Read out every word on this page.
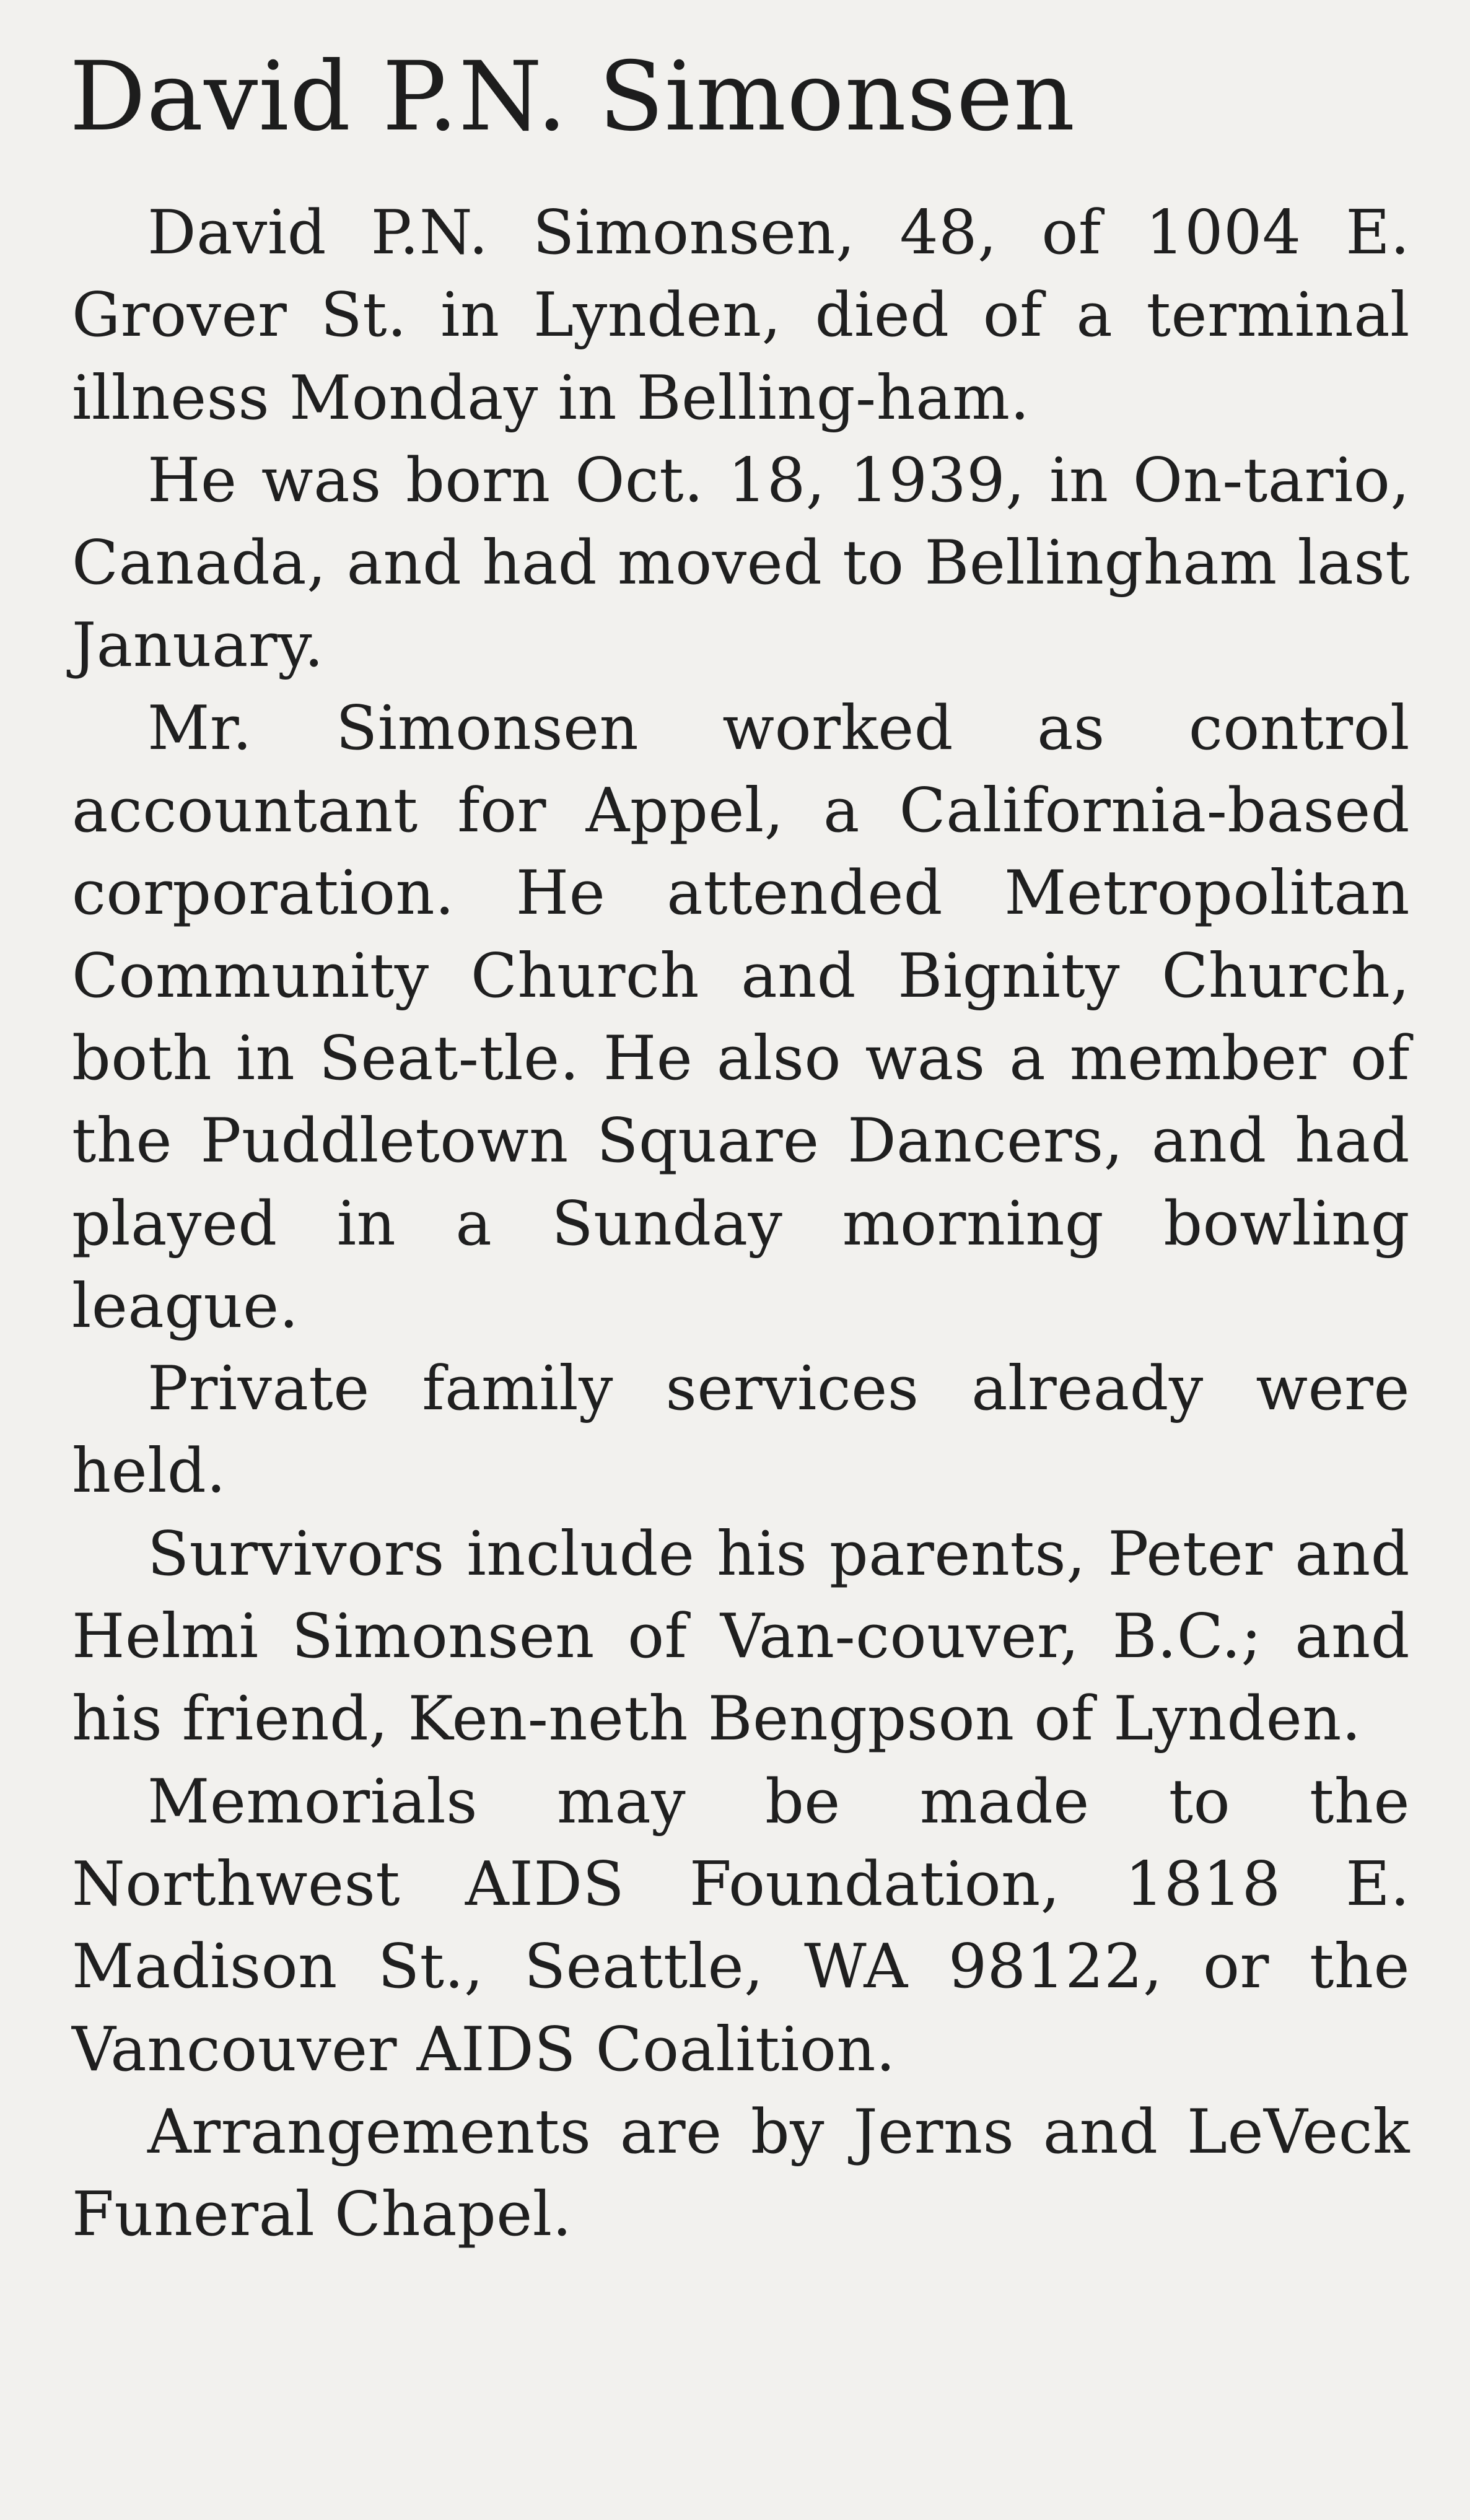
David P.N. Simonsen

David P.N. Simonsen, 48, of 1004 E. Grover St. in Lynden, died of a terminal illness Monday in Belling-ham.

He was born Oct. 18, 1939, in On-tario, Canada, and had moved to Bellingham last January.

Mr. Simonsen worked as control accountant for Appel, a California-based corporation. He attended Metropolitan Community Church and Bignity Church, both in Seat-tle. He also was a member of the Puddletown Square Dancers, and had played in a Sunday morning bowling league.

Private family services already were held.

Survivors include his parents, Peter and Helmi Simonsen of Van-couver, B.C.; and his friend, Ken-neth Bengpson of Lynden.

Memorials may be made to the Northwest AIDS Foundation, 1818 E. Madison St., Seattle, WA 98122, or the Vancouver AIDS Coalition.

Arrangements are by Jerns and LeVeck Funeral Chapel.
